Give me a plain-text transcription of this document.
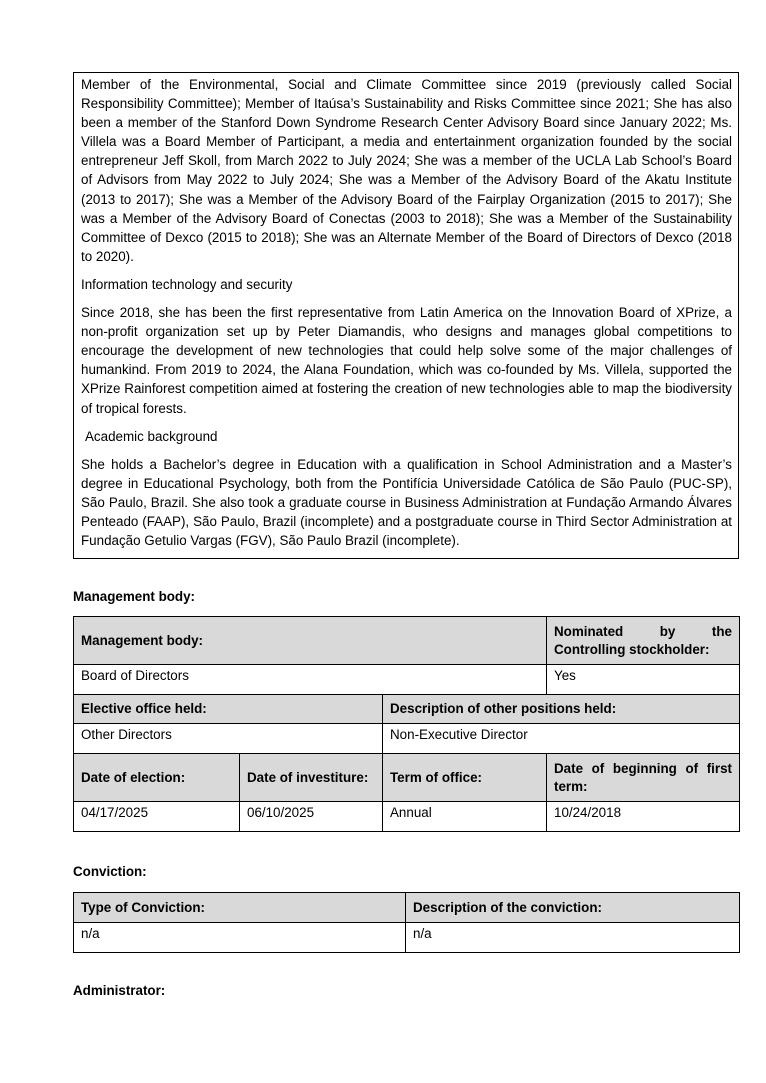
Member of the Environmental, Social and Climate Committee since 2019 (previously called Social Responsibility Committee); Member of Itaúsa’s Sustainability and Risks Committee since 2021; She has also been a member of the Stanford Down Syndrome Research Center Advisory Board since January 2022; Ms. Villela was a Board Member of Participant, a media and entertainment organization founded by the social entrepreneur Jeff Skoll, from March 2022 to July 2024; She was a member of the UCLA Lab School’s Board of Advisors from May 2022 to July 2024; She was a Member of the Advisory Board of the Akatu Institute (2013 to 2017); She was a Member of the Advisory Board of the Fairplay Organization (2015 to 2017); She was a Member of the Advisory Board of Conectas (2003 to 2018); She was a Member of the Sustainability Committee of Dexco (2015 to 2018); She was an Alternate Member of the Board of Directors of Dexco (2018 to 2020).

Information technology and security

Since 2018, she has been the first representative from Latin America on the Innovation Board of XPrize, a non-profit organization set up by Peter Diamandis, who designs and manages global competitions to encourage the development of new technologies that could help solve some of the major challenges of humankind. From 2019 to 2024, the Alana Foundation, which was co-founded by Ms. Villela, supported the XPrize Rainforest competition aimed at fostering the creation of new technologies able to map the biodiversity of tropical forests.

Academic background

She holds a Bachelor’s degree in Education with a qualification in School Administration and a Master’s degree in Educational Psychology, both from the Pontifícia Universidade Católica de São Paulo (PUC-SP), São Paulo, Brazil. She also took a graduate course in Business Administration at Fundação Armando Álvares Penteado (FAAP), São Paulo, Brazil (incomplete) and a postgraduate course in Third Sector Administration at Fundação Getulio Vargas (FGV), São Paulo Brazil (incomplete).

Management body:
Management body:			Nominated by the Controlling stockholder:
Board of Directors			Yes
Elective office held:		Description of other positions held:	
Other Directors		Non-Executive Director	
Date of election:	Date of investiture:	Term of office:	Date of beginning of first term:
04/17/2025	06/10/2025	Annual	10/24/2018
Conviction:
Type of Conviction:	Description of the conviction:
n/a	n/a
Administrator:
